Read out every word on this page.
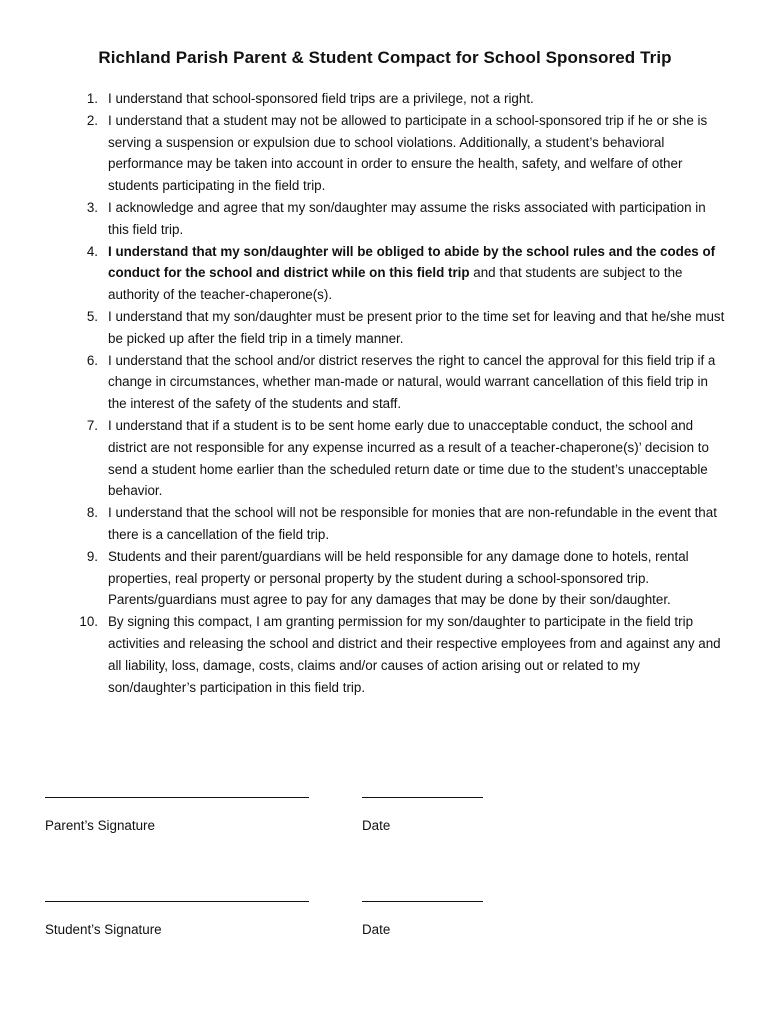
Richland Parish Parent & Student Compact for School Sponsored Trip
1. I understand that school-sponsored field trips are a privilege, not a right.
2. I understand that a student may not be allowed to participate in a school-sponsored trip if he or she is serving a suspension or expulsion due to school violations. Additionally, a student’s behavioral performance may be taken into account in order to ensure the health, safety, and welfare of other students participating in the field trip.
3. I acknowledge and agree that my son/daughter may assume the risks associated with participation in this field trip.
4. I understand that my son/daughter will be obliged to abide by the school rules and the codes of conduct for the school and district while on this field trip and that students are subject to the authority of the teacher-chaperone(s).
5. I understand that my son/daughter must be present prior to the time set for leaving and that he/she must be picked up after the field trip in a timely manner.
6. I understand that the school and/or district reserves the right to cancel the approval for this field trip if a change in circumstances, whether man-made or natural, would warrant cancellation of this field trip in the interest of the safety of the students and staff.
7. I understand that if a student is to be sent home early due to unacceptable conduct, the school and district are not responsible for any expense incurred as a result of a teacher-chaperone(s)’ decision to send a student home earlier than the scheduled return date or time due to the student’s unacceptable behavior.
8. I understand that the school will not be responsible for monies that are non-refundable in the event that there is a cancellation of the field trip.
9. Students and their parent/guardians will be held responsible for any damage done to hotels, rental properties, real property or personal property by the student during a school-sponsored trip. Parents/guardians must agree to pay for any damages that may be done by their son/daughter.
10. By signing this compact, I am granting permission for my son/daughter to participate in the field trip activities and releasing the school and district and their respective employees from and against any and all liability, loss, damage, costs, claims and/or causes of action arising out or related to my son/daughter’s participation in this field trip.
Parent’s Signature	Date
Student’s Signature	Date
